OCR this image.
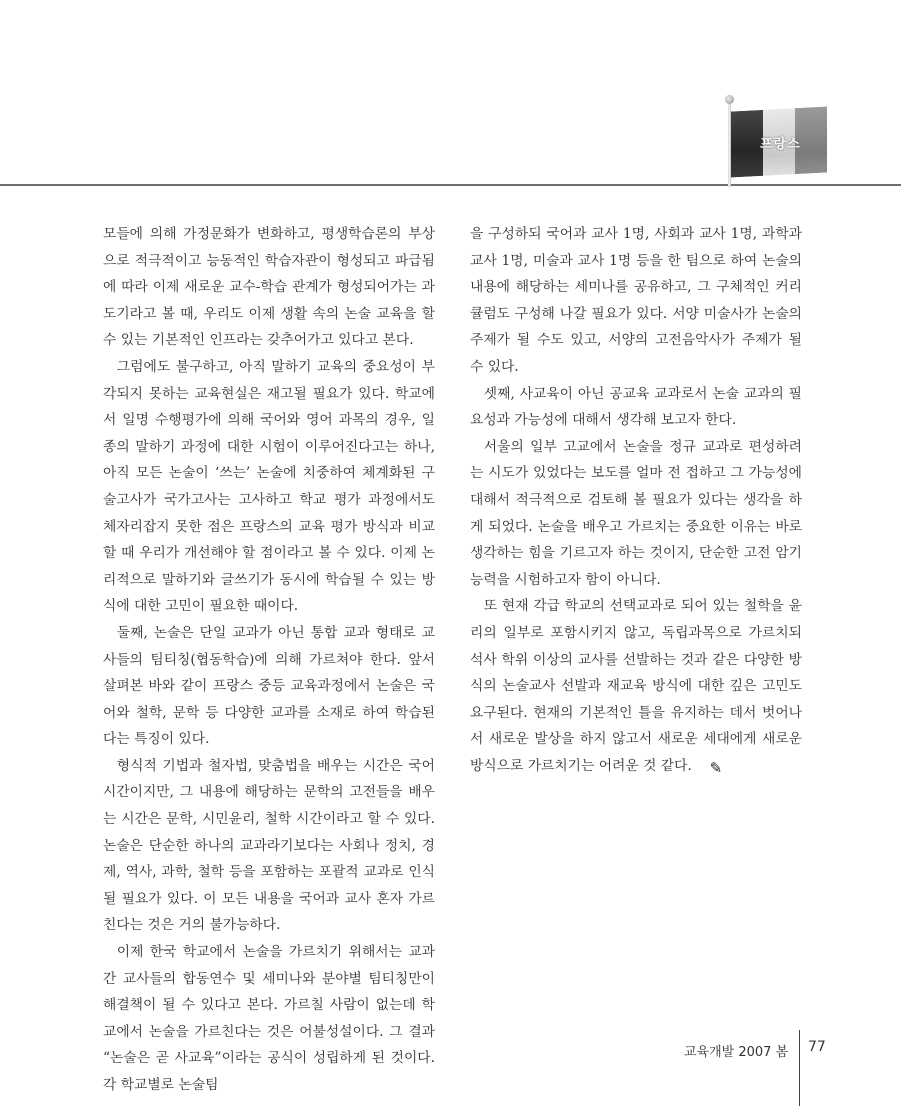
프랑스

모들에 의해 가정문화가 변화하고, 평생학습론의 부상으로 적극적이고 능동적인 학습자관이 형성되고 파급됨에 따라 이제 새로운 교수-학습 관계가 형성되어가는 과도기라고 볼 때, 우리도 이제 생활 속의 논술 교육을 할 수 있는 기본적인 인프라는 갖추어가고 있다고 본다.

그럼에도 불구하고, 아직 말하기 교육의 중요성이 부각되지 못하는 교육현실은 재고될 필요가 있다. 학교에서 일명 수행평가에 의해 국어와 영어 과목의 경우, 일종의 말하기 과정에 대한 시험이 이루어진다고는 하나, 아직 모든 논술이 ‘쓰는’ 논술에 치중하여 체계화된 구술고사가 국가고사는 고사하고 학교 평가 과정에서도 체자리잡지 못한 점은 프랑스의 교육 평가 방식과 비교할 때 우리가 개선해야 할 점이라고 볼 수 있다. 이제 논리적으로 말하기와 글쓰기가 동시에 학습될 수 있는 방식에 대한 고민이 필요한 때이다.

둘째, 논술은 단일 교과가 아닌 통합 교과 형태로 교사들의 팀티칭(협동학습)에 의해 가르쳐야 한다. 앞서 살펴본 바와 같이 프랑스 중등 교육과정에서 논술은 국어와 철학, 문학 등 다양한 교과를 소재로 하여 학습된다는 특징이 있다.

형식적 기법과 철자법, 맞춤법을 배우는 시간은 국어시간이지만, 그 내용에 해당하는 문학의 고전들을 배우는 시간은 문학, 시민윤리, 철학 시간이라고 할 수 있다. 논술은 단순한 하나의 교과라기보다는 사회나 정치, 경제, 역사, 과학, 철학 등을 포함하는 포괄적 교과로 인식될 필요가 있다. 이 모든 내용을 국어과 교사 혼자 가르친다는 것은 거의 불가능하다.

이제 한국 학교에서 논술을 가르치기 위해서는 교과 간 교사들의 합동연수 및 세미나와 분야별 팀티칭만이 해결책이 될 수 있다고 본다. 가르칠 사람이 없는데 학교에서 논술을 가르친다는 것은 어불성설이다. 그 결과 “논술은 곧 사교육”이라는 공식이 성립하게 된 것이다. 각 학교별로 논술팀

을 구성하되 국어과 교사 1명, 사회과 교사 1명, 과학과 교사 1명, 미술과 교사 1명 등을 한 팀으로 하여 논술의 내용에 해당하는 세미나를 공유하고, 그 구체적인 커리큘럼도 구성해 나갈 필요가 있다. 서양 미술사가 논술의 주제가 될 수도 있고, 서양의 고전음악사가 주제가 될 수 있다.

셋째, 사교육이 아닌 공교육 교과로서 논술 교과의 필요성과 가능성에 대해서 생각해 보고자 한다.

서울의 일부 고교에서 논술을 정규 교과로 편성하려는 시도가 있었다는 보도를 얼마 전 접하고 그 가능성에 대해서 적극적으로 검토해 볼 필요가 있다는 생각을 하게 되었다. 논술을 배우고 가르치는 중요한 이유는 바로 생각하는 힘을 기르고자 하는 것이지, 단순한 고전 암기 능력을 시험하고자 함이 아니다.

또 현재 각급 학교의 선택교과로 되어 있는 철학을 윤리의 일부로 포함시키지 않고, 독립과목으로 가르치되 석사 학위 이상의 교사를 선발하는 것과 같은 다양한 방식의 논술교사 선발과 재교육 방식에 대한 깊은 고민도 요구된다. 현재의 기본적인 틀을 유지하는 데서 벗어나서 새로운 발상을 하지 않고서 새로운 세대에게 새로운 방식으로 가르치기는 어려운 것 같다. ✎

교육개발 2007 봄 77
